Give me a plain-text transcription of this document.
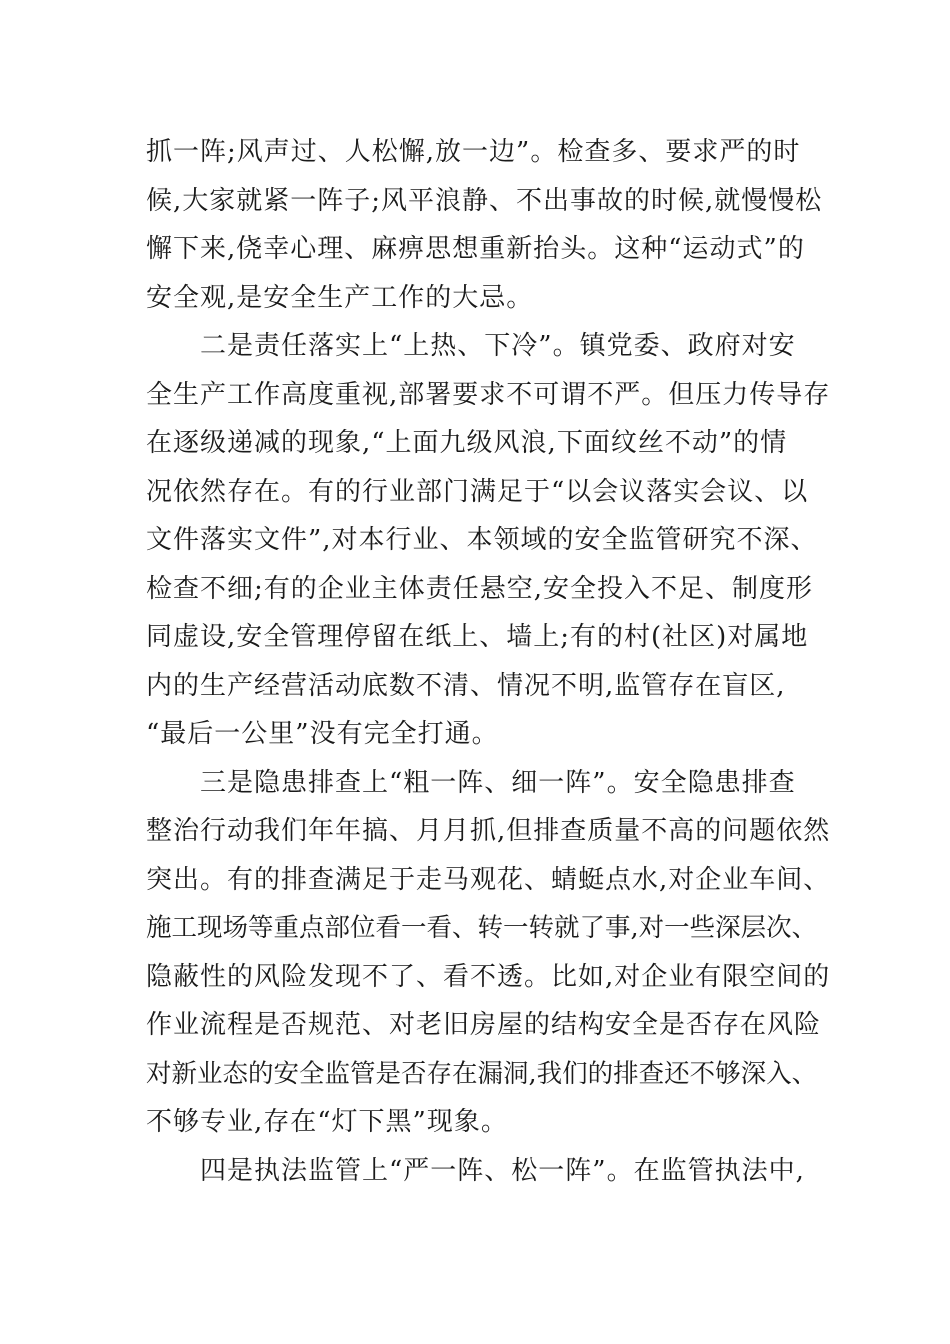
抓一阵;风声过、人松懈,放一边”。检查多、要求严的时
候,大家就紧一阵子;风平浪静、不出事故的时候,就慢慢松
懈下来,侥幸心理、麻痹思想重新抬头。这种“运动式”的
安全观,是安全生产工作的大忌。
二是责任落实上“上热、下冷”。镇党委、政府对安
全生产工作高度重视,部署要求不可谓不严。但压力传导存
在逐级递减的现象,“上面九级风浪,下面纹丝不动”的情
况依然存在。有的行业部门满足于“以会议落实会议、以
文件落实文件”,对本行业、本领域的安全监管研究不深、
检查不细;有的企业主体责任悬空,安全投入不足、制度形
同虚设,安全管理停留在纸上、墙上;有的村(社区)对属地
内的生产经营活动底数不清、情况不明,监管存在盲区,
“最后一公里”没有完全打通。
三是隐患排查上“粗一阵、细一阵”。安全隐患排查
整治行动我们年年搞、月月抓,但排查质量不高的问题依然
突出。有的排查满足于走马观花、蜻蜓点水,对企业车间、
施工现场等重点部位看一看、转一转就了事,对一些深层次、
隐蔽性的风险发现不了、看不透。比如,对企业有限空间的
作业流程是否规范、对老旧房屋的结构安全是否存在风险
对新业态的安全监管是否存在漏洞,我们的排查还不够深入、
不够专业,存在“灯下黑”现象。
四是执法监管上“严一阵、松一阵”。在监管执法中,
